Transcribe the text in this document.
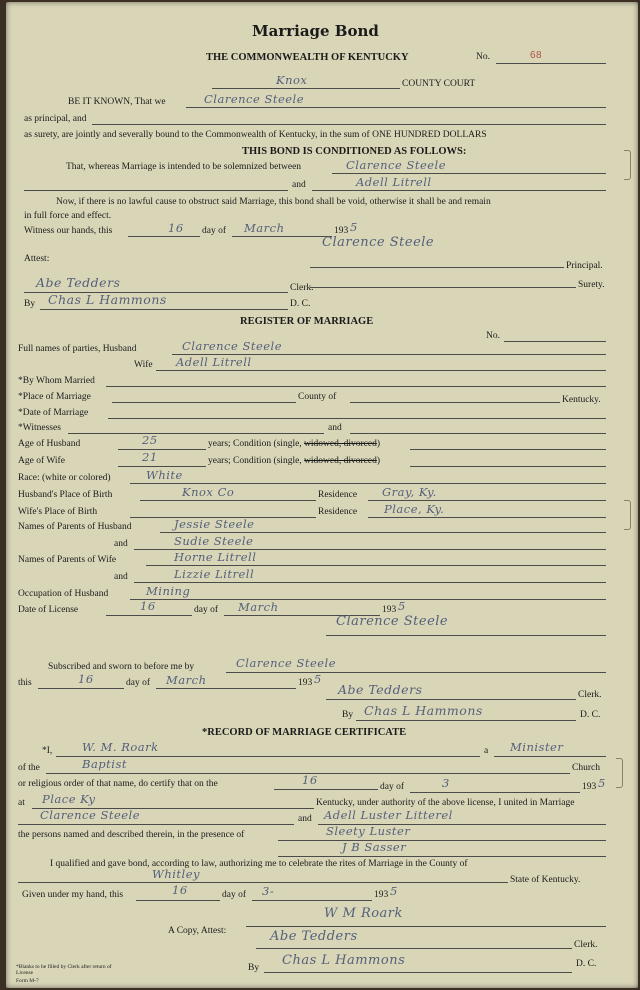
Marriage Bond
THE COMMONWEALTH OF KENTUCKY	No.	68
Knox	COUNTY COURT
BE IT KNOWN, That we	Clarence Steele
as principal, and
as surety, are jointly and severally bound to the Commonwealth of Kentucky, in the sum of ONE HUNDRED DOLLARS
THIS BOND IS CONDITIONED AS FOLLOWS:
That, whereas Marriage is intended to be solemnized between	Clarence Steele
and	Adell Litrell
Now, if there is no lawful cause to obstruct said Marriage, this bond shall be void, otherwise it shall be and remain
in full force and effect.
Witness our hands, this	16 day of March	193 5
Clarence Steele
Attest:
Principal.
Surety.
Abe Tedders	Clerk.
By Chas L Hammons	D. C.
REGISTER OF MARRIAGE
No.
Full names of parties, Husband	Clarence Steele
Wife Adell Litrell
*By Whom Married
*Place of Marriage	County of	Kentucky.
*Date of Marriage
*Witnesses	and
Age of Husband	25	years; Condition (single, widowed, divorced)
Age of Wife	21	years; Condition (single, widowed, divorced)
Race: (white or colored)	White
Husband's Place of Birth	Knox Co	Residence Gray, Ky.
Wife's Place of Birth	Residence Place, Ky.
Names of Parents of Husband	Jessie Steele
and	Sudie Steele
Names of Parents of Wife	Horne Litrell
and	Lizzie Litrell
Occupation of Husband	Mining
Date of License	16	day of March	193 5
Clarence Steele
Subscribed and sworn to before me by	Clarence Steele
this	16	day of March	193 5
Abe Tedders	Clerk.
By Chas L Hammons	D. C.
*RECORD OF MARRIAGE CERTIFICATE
*I,	W. M. Roark	a Minister
of the	Baptist	Church
or religious order of that name, do certify that on the	16	day of	3	193 5
at Place Ky	Kentucky, under authority of the above license, I united in Marriage
Clarence Steele	and Adell Luster Litterel
the persons named and described therein, in the presence of	Sleety Luster
J B Sasser
I qualified and gave bond, according to law, authorizing me to celebrate the rites of Marriage in the County of
Whitley	State of Kentucky.
Given under my hand, this	16	day of 3-	193 5
W M Roark
A Copy, Attest:	Abe Tedders
Clerk.
By Chas L Hammons	D. C.
*Blanks to be filled by Clerk after return of License
Form M-7
